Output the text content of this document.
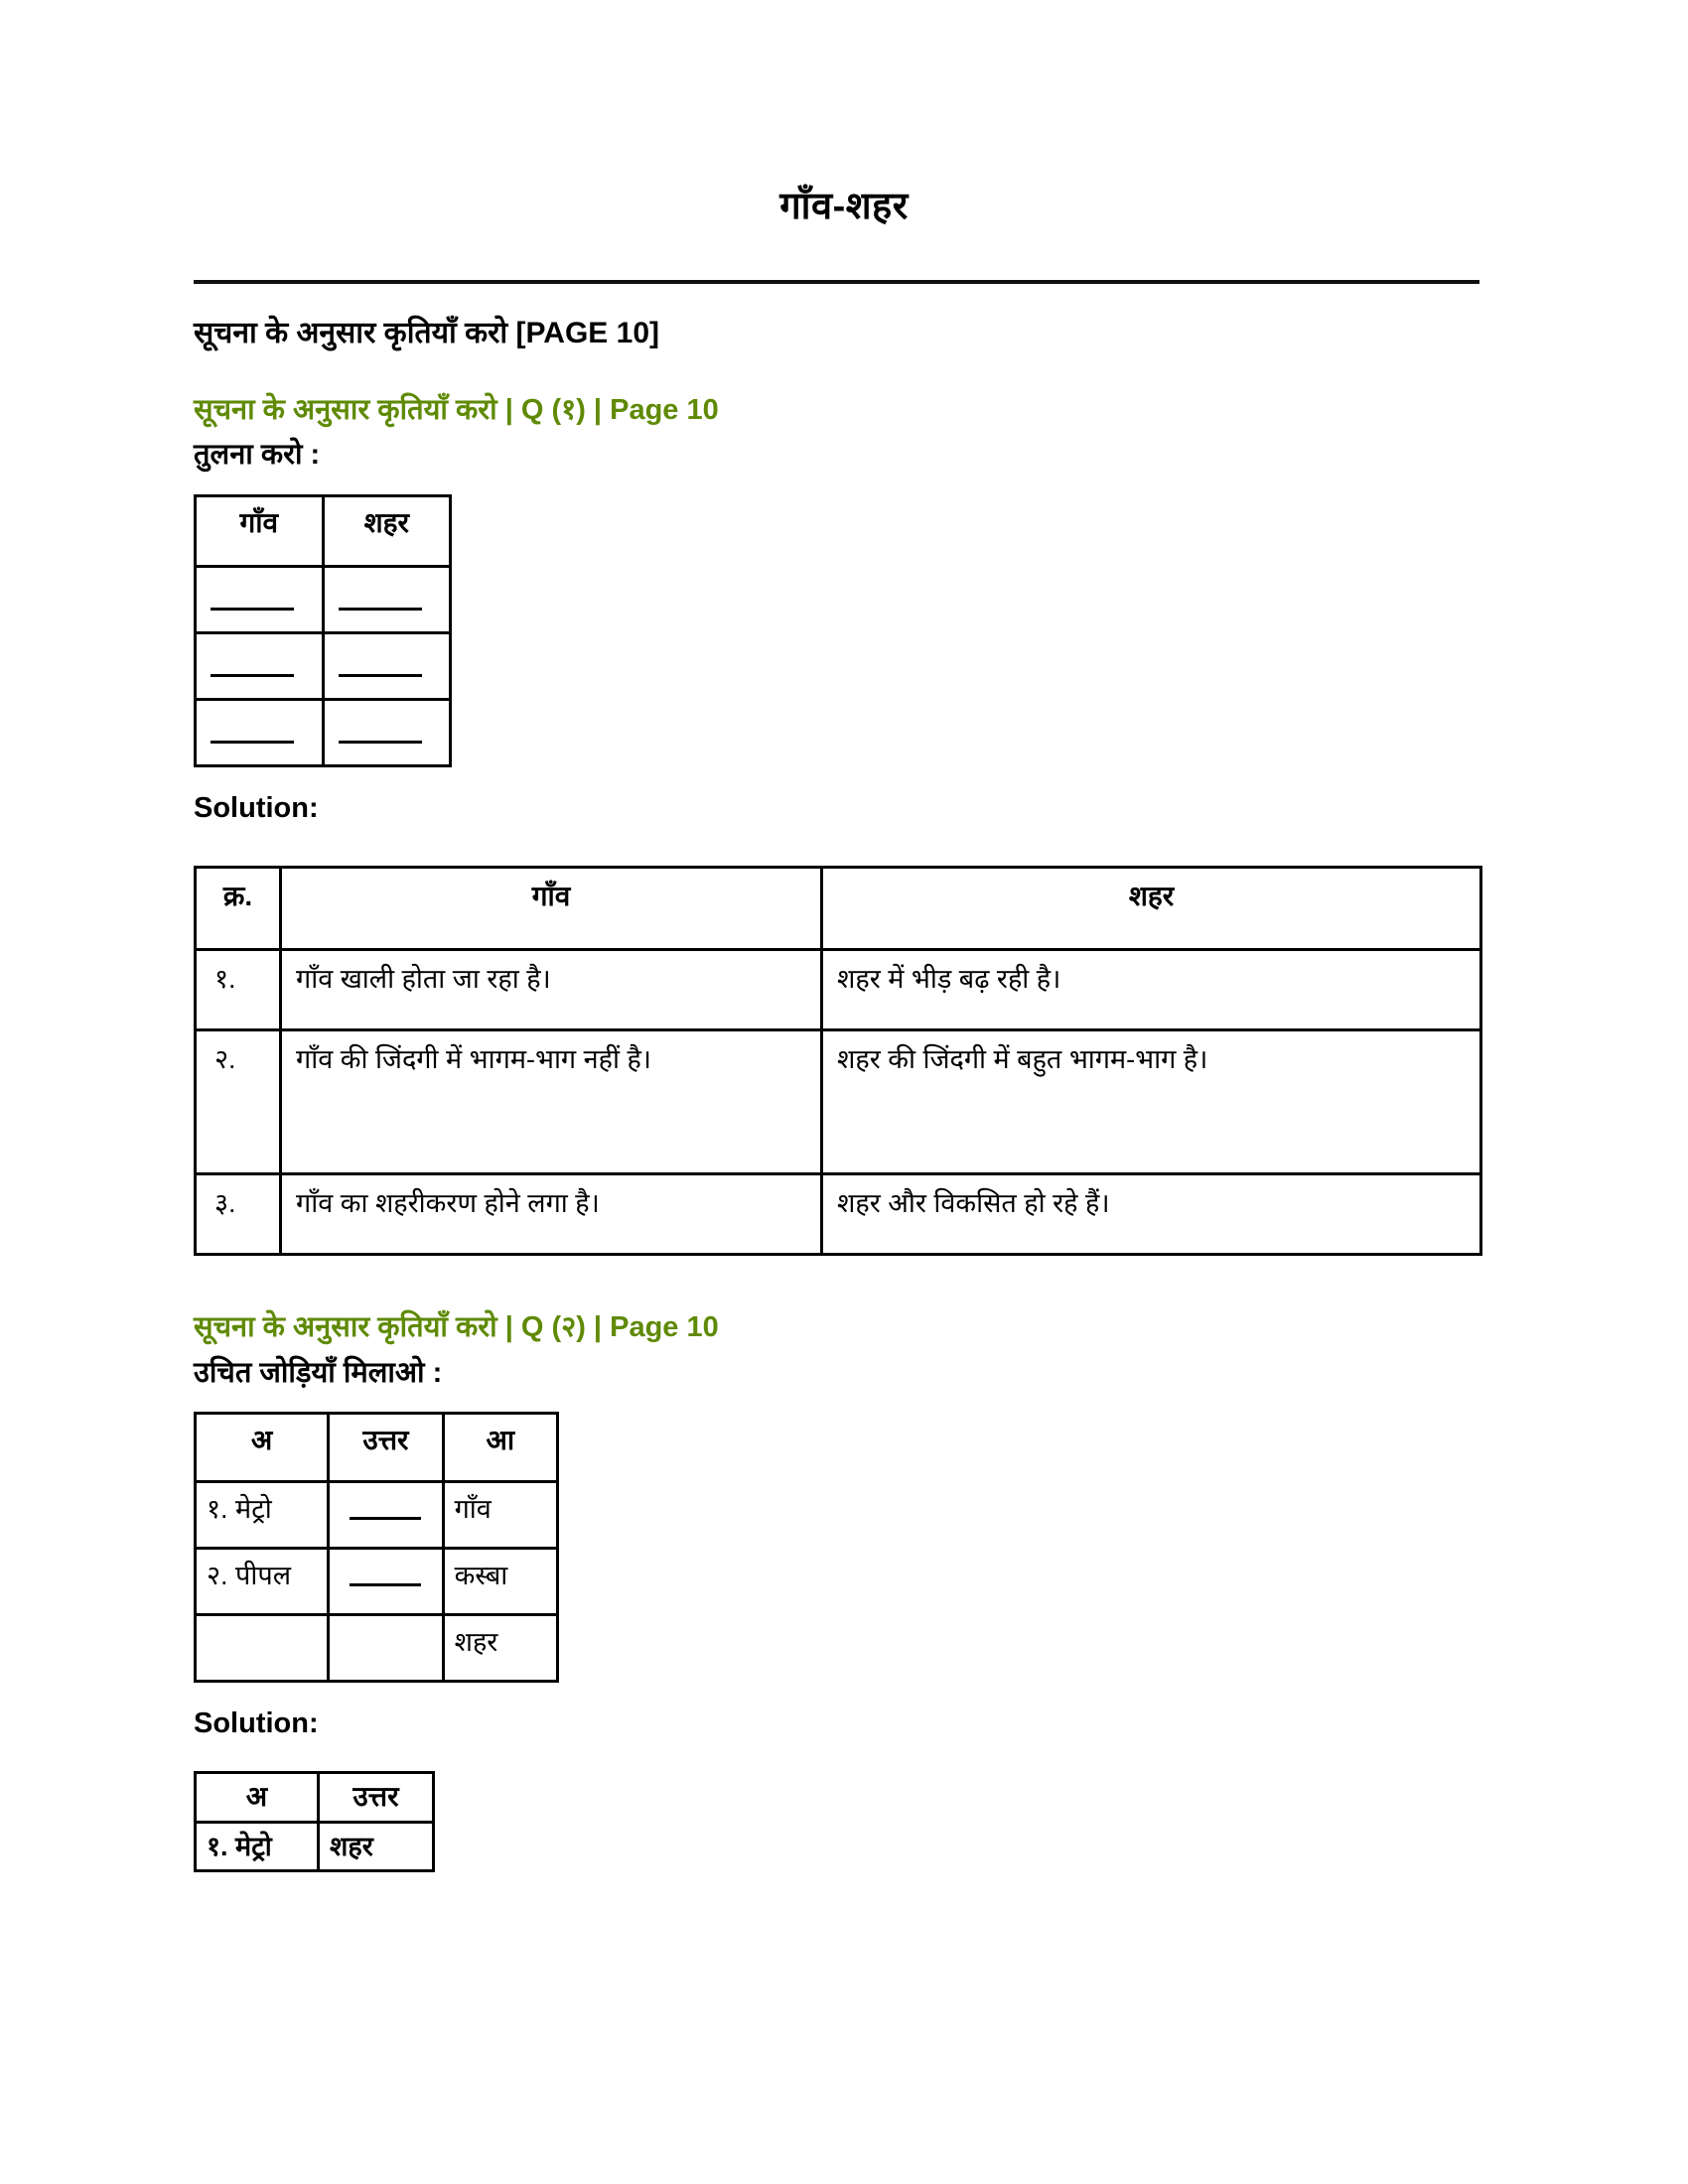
गाँव-शहर
सूचना के अनुसार कृतियाँ करो [PAGE 10]
सूचना के अनुसार कृतियाँ करो | Q (१) | Page 10
तुलना करो :
गाँव	शहर

Solution:
क्र.	गाँव	शहर
१.	गाँव खाली होता जा रहा है।	शहर में भीड़ बढ़ रही है।
२.	गाँव की जिंदगी में भागम-भाग नहीं है।	शहर की जिंदगी में बहुत भागम-भाग है।
३.	गाँव का शहरीकरण होने लगा है।	शहर और विकसित हो रहे हैं।
सूचना के अनुसार कृतियाँ करो | Q (२) | Page 10
उचित जोड़ियाँ मिलाओ :
अ	उत्तर	आ
१. मेट्रो		गाँव
२. पीपल		कस्बा
		शहर
Solution:
अ	उत्तर
१. मेट्रो	शहर
